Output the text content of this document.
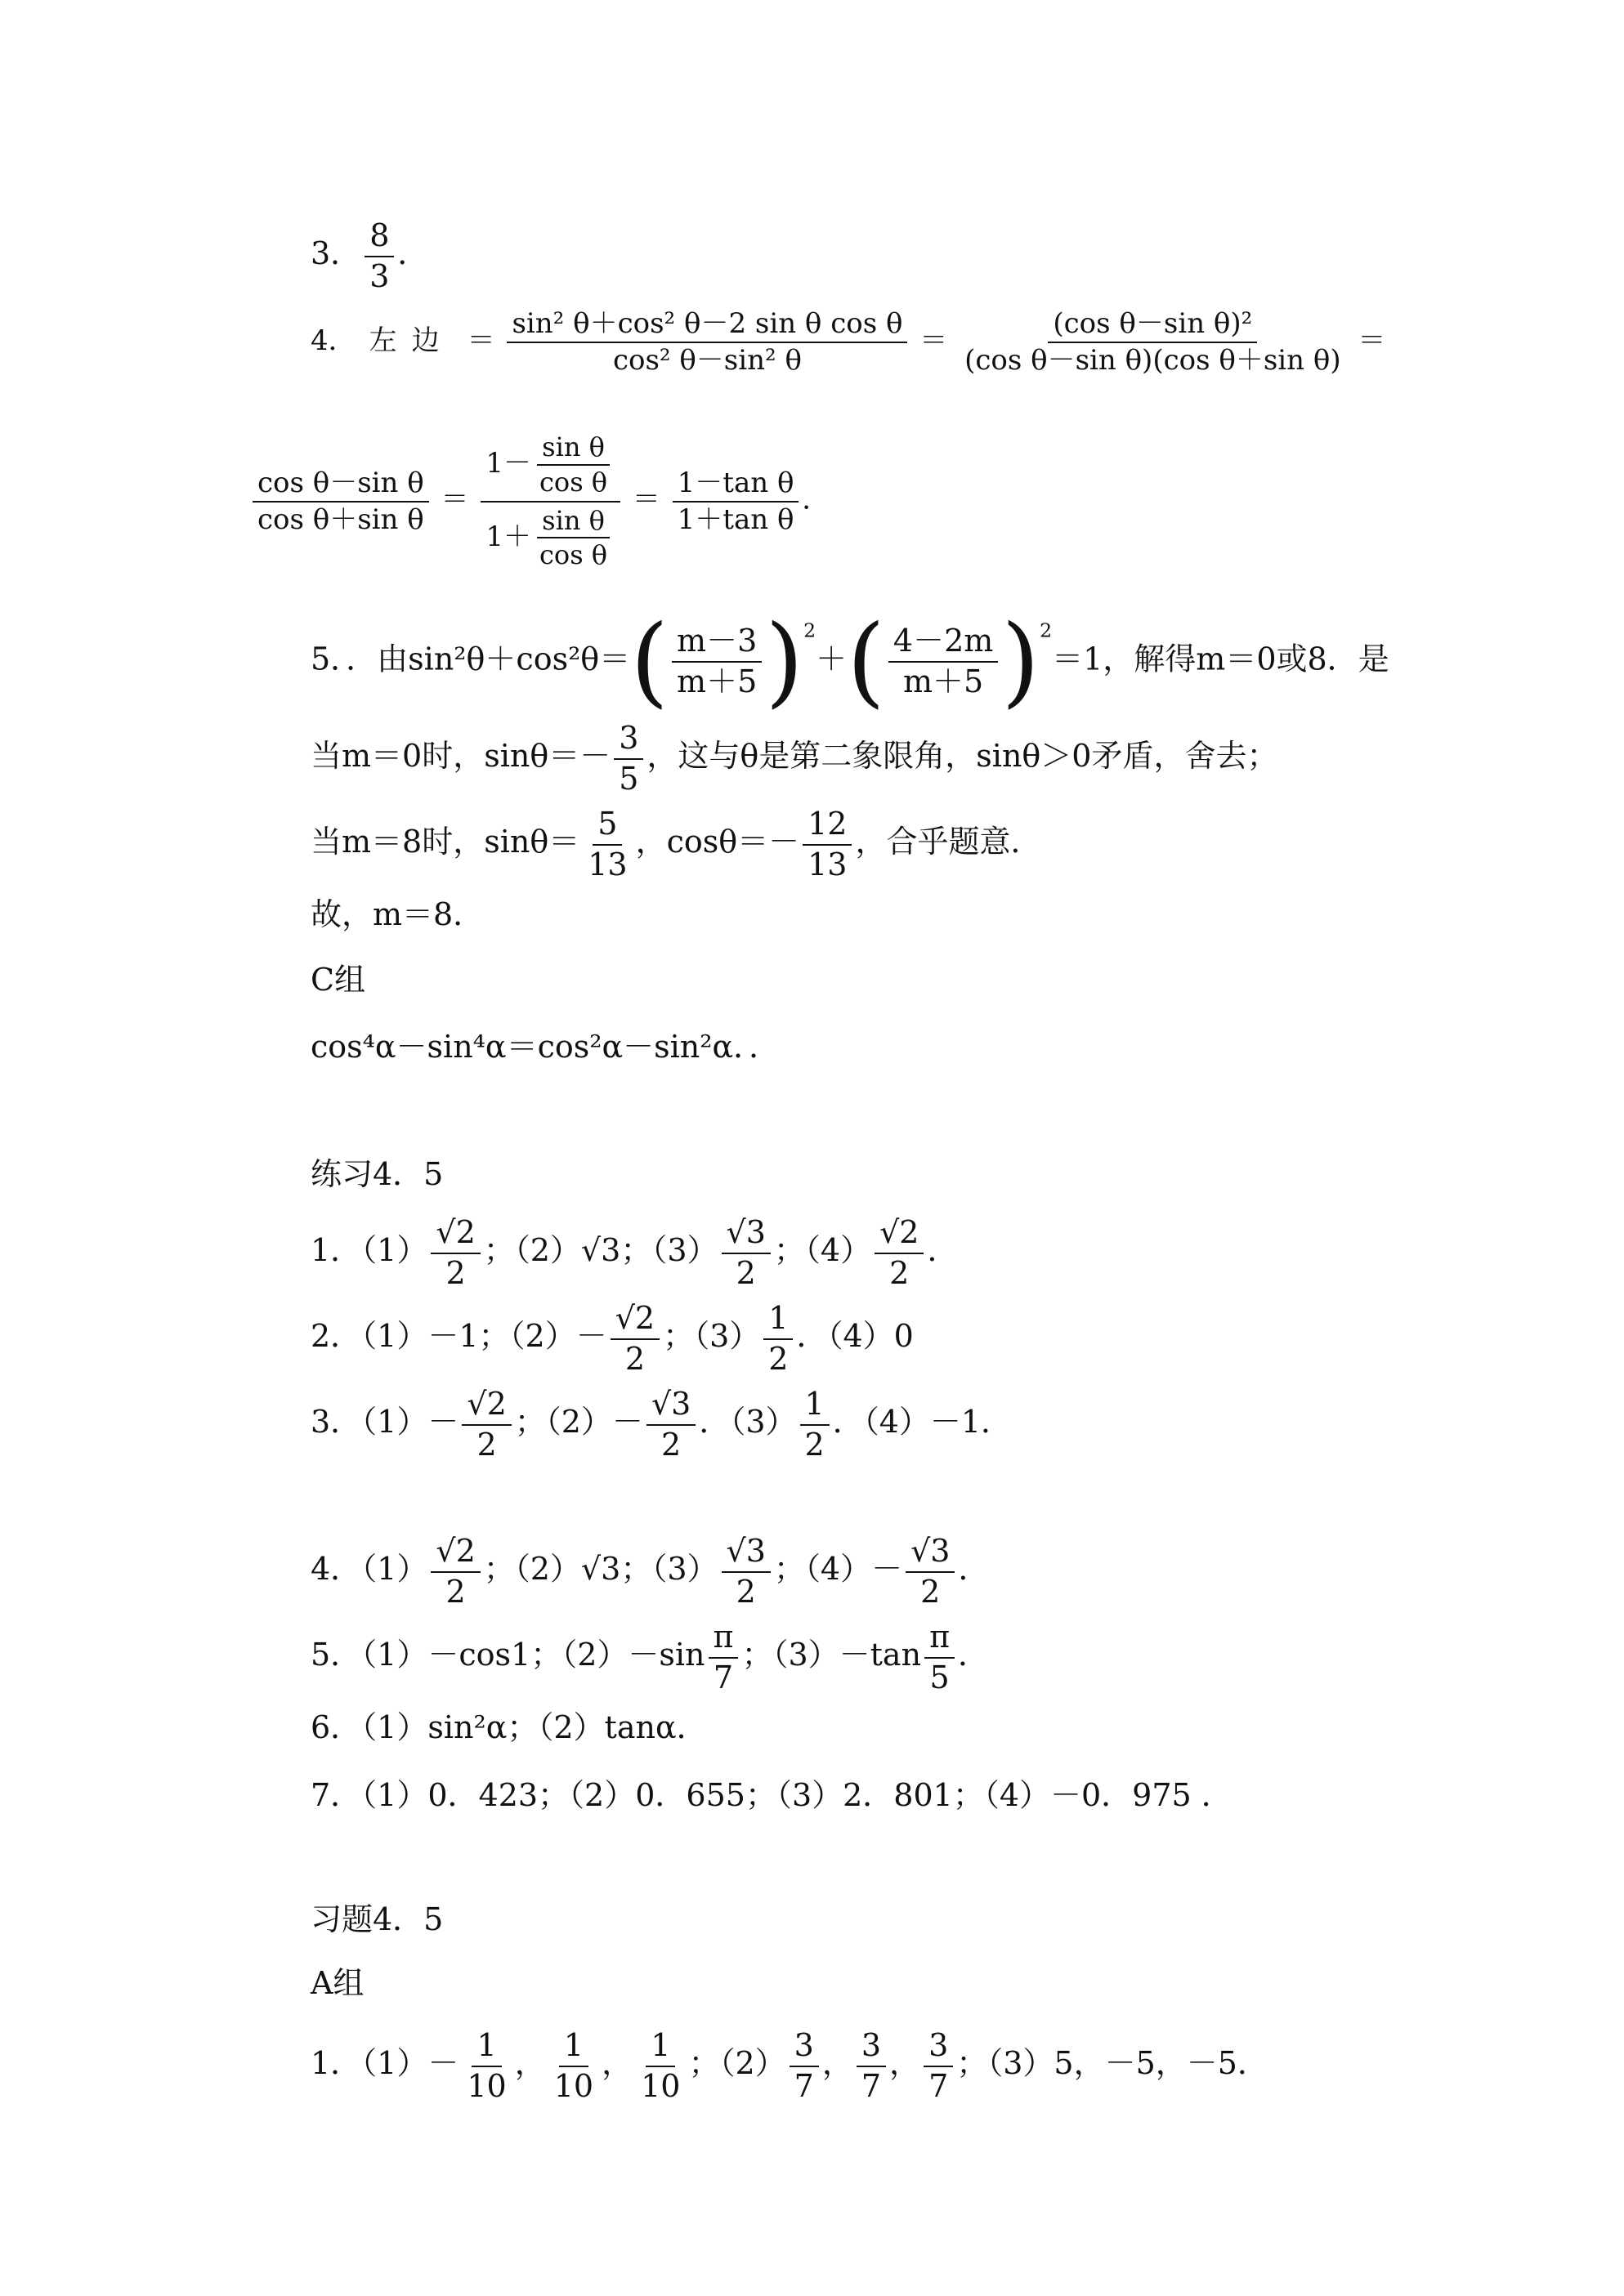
3． $\frac{8}{3}$ ．
4． 左边 ＝ $\frac{\text{sin² θ＋cos² θ－2 sin θ cos θ}}{\text{cos² θ－sin² θ}} = \frac{\text{(cos θ－sin θ)²}}{\text{(cos θ－sin θ)(cos θ＋sin θ)}}$ ＝
$\frac{\text{cos θ－sin θ}}{\text{cos θ＋sin θ}} = \frac{1- \frac{\text{sin θ}}{\text{cos θ}}}{1+ \frac{\text{sin θ}}{\text{cos θ}}} = \frac{\text{1－tan θ}}{\text{1＋tan θ}}$ ．
5．．由$\sin^2\theta+\cos^2\theta=( \frac{m-3}{m+5} )^2+( \frac{4-2m}{m+5} )^2=1$，解得m＝0或8．是
当m＝0时，$\sin\theta=- \frac{3}{5}$ ，这与θ是第二象限角，sinθ＞0矛盾，舍去；
当m＝8时，$\sin\theta= \frac{5}{13}$ ，$\cos\theta=- \frac{12}{13}$ ，合乎题意．
故，m＝8．
C组
cos⁴α－sin⁴α＝cos²α－sin²α．．
练习4．5
1．$(1) \frac{√2}{2}$ ；（2）√3；$(3) \frac{√3}{2}$ ；$(4) \frac{√2}{2}$ ．
2．（1）－1；$(2)- \frac{√2}{2}$ ；$(3) \frac{1}{2}$ ．（4）0
3．$(1)- \frac{√2}{2}$ ；$(2)- \frac{√3}{2}$ ．$(3) \frac{1}{2}$ ．（4）－1．
4．$(1) \frac{√2}{2}$ ；（2）√3；$(3) \frac{√3}{2}$ ；$(4)- \frac{√3}{2}$ ．
5．（1）－cos1；$(2)-\sin \frac{\pi}{7}$ ；$(3)-\tan \frac{\pi}{5}$ ．
6．（1）sin²α；（2）tanα．
7．（1）0．423；（2）0．655；（3）2．801；（4）－0．975 ．
习题4．5
A组
1．$(1)- \frac{1}{10}$ ， $\frac{1}{10}$ ， $\frac{1}{10}$ ；$(2) \frac{3}{7}$ ， $\frac{3}{7}$ ， $\frac{3}{7}$ ；（3）5，－5，－5．
